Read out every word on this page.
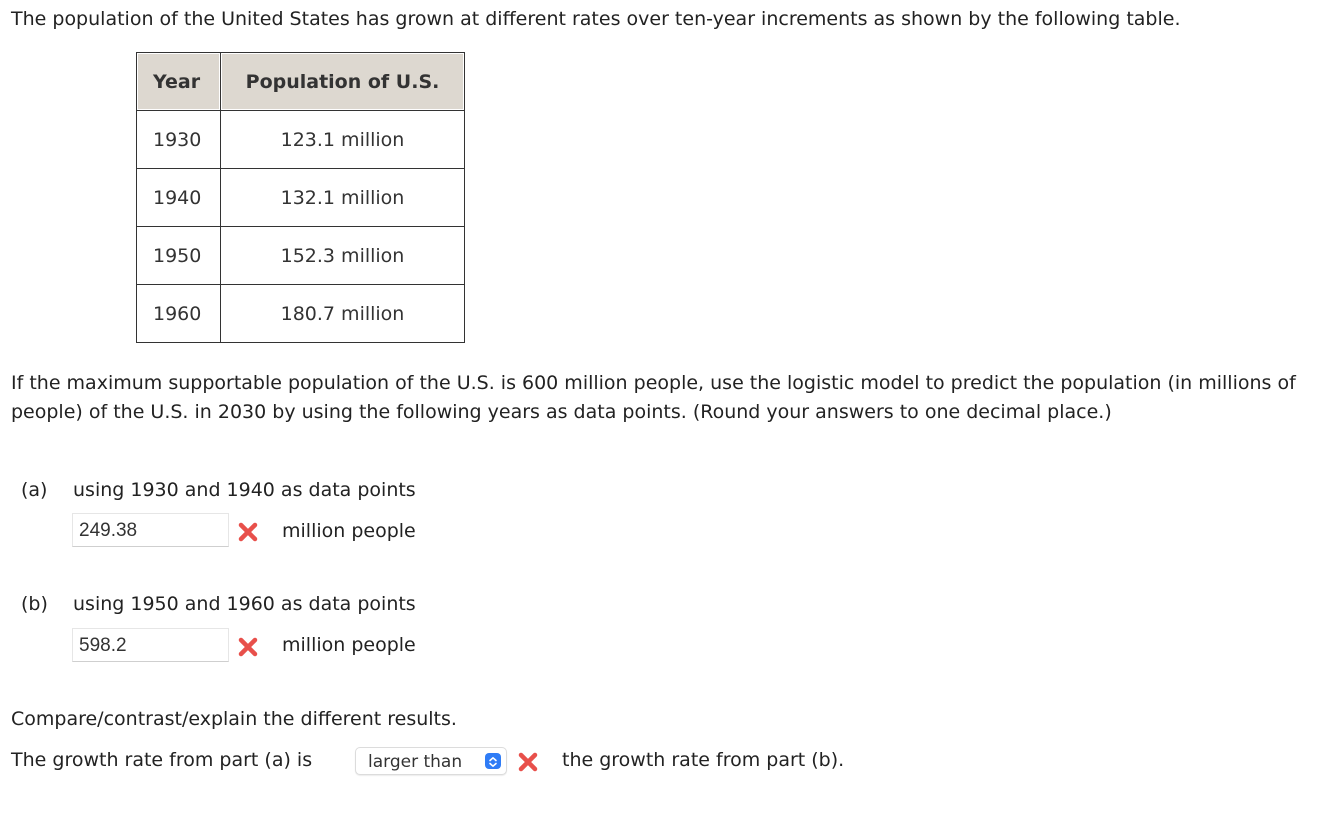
The population of the United States has grown at different rates over ten-year increments as shown by the following table.

Year	Population of U.S.
1930	123.1 million
1940	132.1 million
1950	152.3 million
1960	180.7 million

If the maximum supportable population of the U.S. is 600 million people, use the logistic model to predict the population (in millions of people) of the U.S. in 2030 by using the following years as data points. (Round your answers to one decimal place.)

(a) using 1930 and 1940 as data points
249.38	million people
(b) using 1950 and 1960 as data points
598.2	million people
Compare/contrast/explain the different results.
The growth rate from part (a) is	larger than	the growth rate from part (b).
